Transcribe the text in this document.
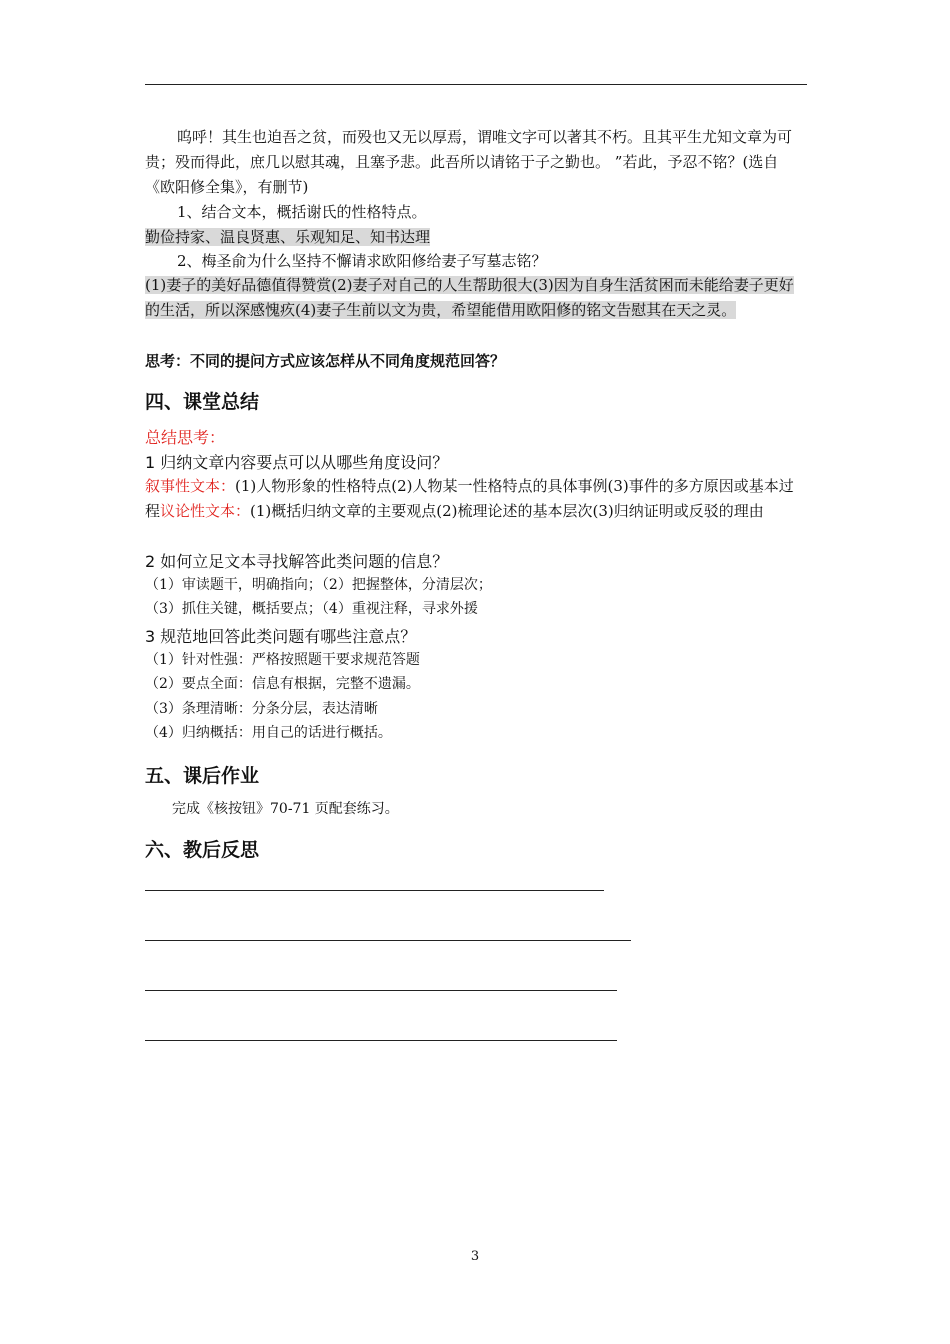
呜呼！其生也迫吾之贫，而殁也又无以厚焉，谓唯文字可以著其不朽。且其平生尤知文章为可贵；殁而得此，庶几以慰其魂，且塞予悲。此吾所以请铭于子之勤也。 ”若此，予忍不铭？(选自《欧阳修全集》，有删节)
1、结合文本，概括谢氏的性格特点。
勤俭持家、温良贤惠、乐观知足、知书达理
2、梅圣俞为什么坚持不懈请求欧阳修给妻子写墓志铭？
(1)妻子的美好品德值得赞赏(2)妻子对自己的人生帮助很大(3)因为自身生活贫困而未能给妻子更好的生活，所以深感愧疚(4)妻子生前以文为贵，希望能借用欧阳修的铭文告慰其在天之灵。
思考：不同的提问方式应该怎样从不同角度规范回答？
四、课堂总结
总结思考：
1 归纳文章内容要点可以从哪些角度设问？
叙事性文本：(1)人物形象的性格特点(2)人物某一性格特点的具体事例(3)事件的多方原因或基本过程议论性文本：(1)概括归纳文章的主要观点(2)梳理论述的基本层次(3)归纳证明或反驳的理由
2 如何立足文本寻找解答此类问题的信息？
（1）审读题干，明确指向；（2）把握整体，分清层次；
（3）抓住关键，概括要点；（4）重视注释，寻求外援
3 规范地回答此类问题有哪些注意点？
（1）针对性强：严格按照题干要求规范答题
（2）要点全面：信息有根据，完整不遗漏。
（3）条理清晰：分条分层，表达清晰
（4）归纳概括：用自己的话进行概括。
五、课后作业
完成《核按钮》70-71 页配套练习。
六、教后反思
3
